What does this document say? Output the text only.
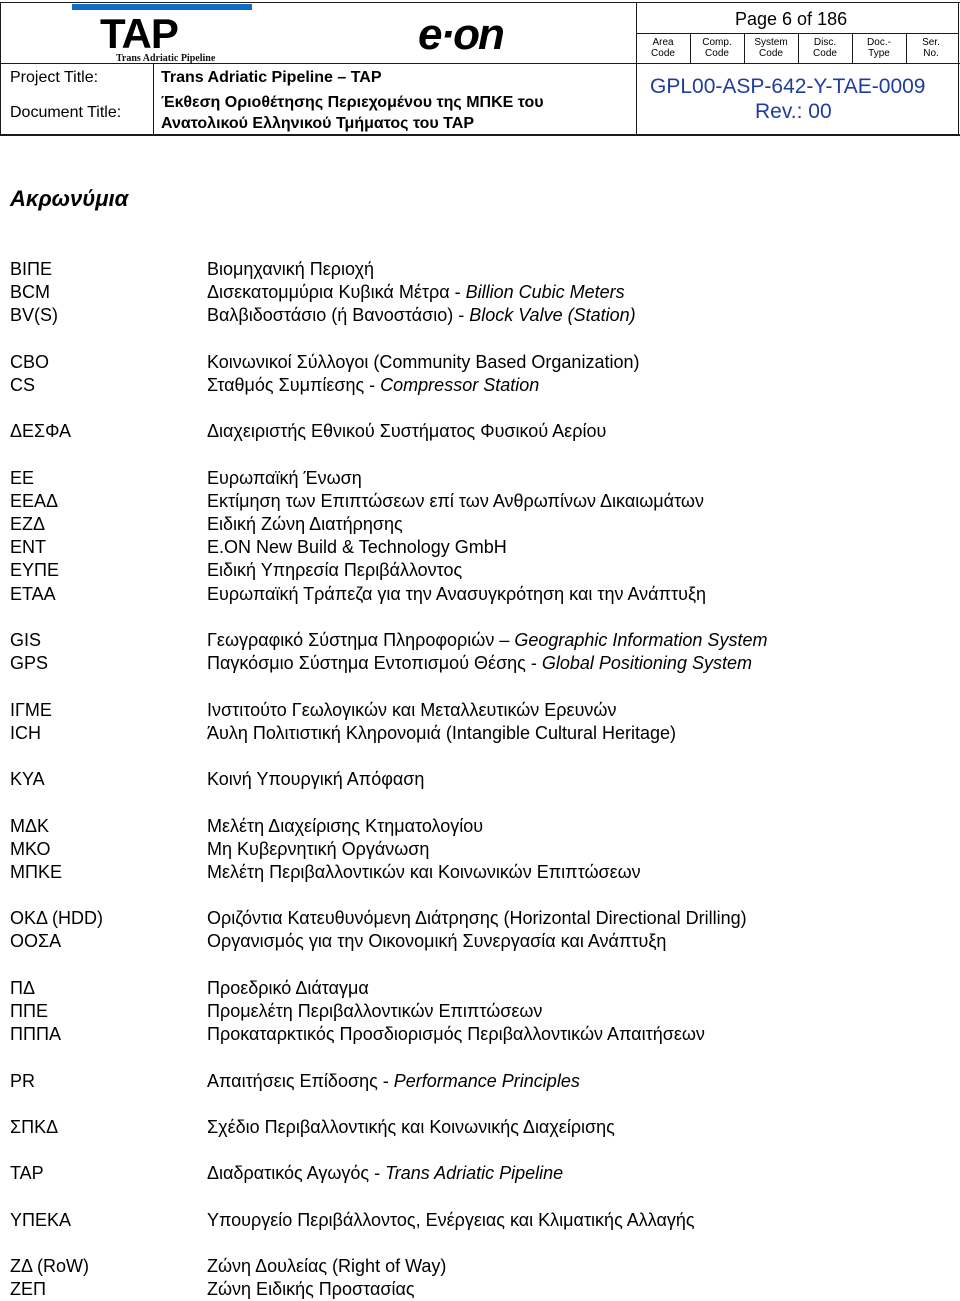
TAP
Trans Adriatic Pipeline	e·on	Page 6 of 186
Area
Code
Comp.
Code
System
Code
Disc.
Code
Doc.-
Type
Ser.
No.
Project Title:	Trans Adriatic Pipeline – TAP
Document Title:
Έκθεση Οριοθέτησης Περιεχομένου της ΜΠΚΕ του
Ανατολικού Ελληνικού Τμήματος του TAP
GPL00-ASP-642-Y-TAE-0009
Rev.: 00
Ακρωνύμια
ΒΙΠΕ	Βιομηχανική Περιοχή
BCM	Δισεκατομμύρια Κυβικά Μέτρα - Billion Cubic Meters
BV(S)	Βαλβιδοστάσιο (ή Βανοστάσιο) - Block Valve (Station)
CBO	Κοινωνικοί Σύλλογοι (Community Based Organization)
CS	Σταθμός Συμπίεσης - Compressor Station
ΔΕΣΦΑ	Διαχειριστής Εθνικού Συστήματος Φυσικού Αερίου
ΕΕ	Ευρωπαϊκή Ένωση
ΕΕΑΔ	Εκτίμηση των Επιπτώσεων επί των Ανθρωπίνων Δικαιωμάτων
ΕΖΔ	Ειδική Ζώνη Διατήρησης
ENT	E.ON New Build & Technology GmbH
ΕΥΠΕ	Ειδική Υπηρεσία Περιβάλλοντος
ΕΤΑΑ	Ευρωπαϊκή Τράπεζα για την Ανασυγκρότηση και την Ανάπτυξη
GIS	Γεωγραφικό Σύστημα Πληροφοριών – Geographic Information System
GPS	Παγκόσμιο Σύστημα Εντοπισμού Θέσης - Global Positioning System
ΙΓΜΕ	Ινστιτούτο Γεωλογικών και Μεταλλευτικών Ερευνών
ICH	Άυλη Πολιτιστική Κληρονομιά (Intangible Cultural Heritage)
ΚΥΑ	Κοινή Υπουργική Απόφαση
ΜΔΚ	Μελέτη Διαχείρισης Κτηματολογίου
ΜΚΟ	Μη Κυβερνητική Οργάνωση
ΜΠΚΕ	Μελέτη Περιβαλλοντικών και Κοινωνικών Επιπτώσεων
ΟΚΔ (HDD)	Οριζόντια Κατευθυνόμενη Διάτρησης (Horizontal Directional Drilling)
ΟΟΣΑ	Οργανισμός για την Οικονομική Συνεργασία και Ανάπτυξη
ΠΔ	Προεδρικό Διάταγμα
ΠΠΕ	Προμελέτη Περιβαλλοντικών Επιπτώσεων
ΠΠΠΑ	Προκαταρκτικός Προσδιορισμός Περιβαλλοντικών Απαιτήσεων
PR	Απαιτήσεις Επίδοσης - Performance Principles
ΣΠΚΔ	Σχέδιο Περιβαλλοντικής και Κοινωνικής Διαχείρισης
TAP	Διαδρατικός Αγωγός - Trans Adriatic Pipeline
ΥΠΕΚΑ	Υπουργείο Περιβάλλοντος, Ενέργειας και Κλιματικής Αλλαγής
ΖΔ (RoW)	Ζώνη Δουλείας (Right of Way)
ΖΕΠ	Ζώνη Ειδικής Προστασίας
